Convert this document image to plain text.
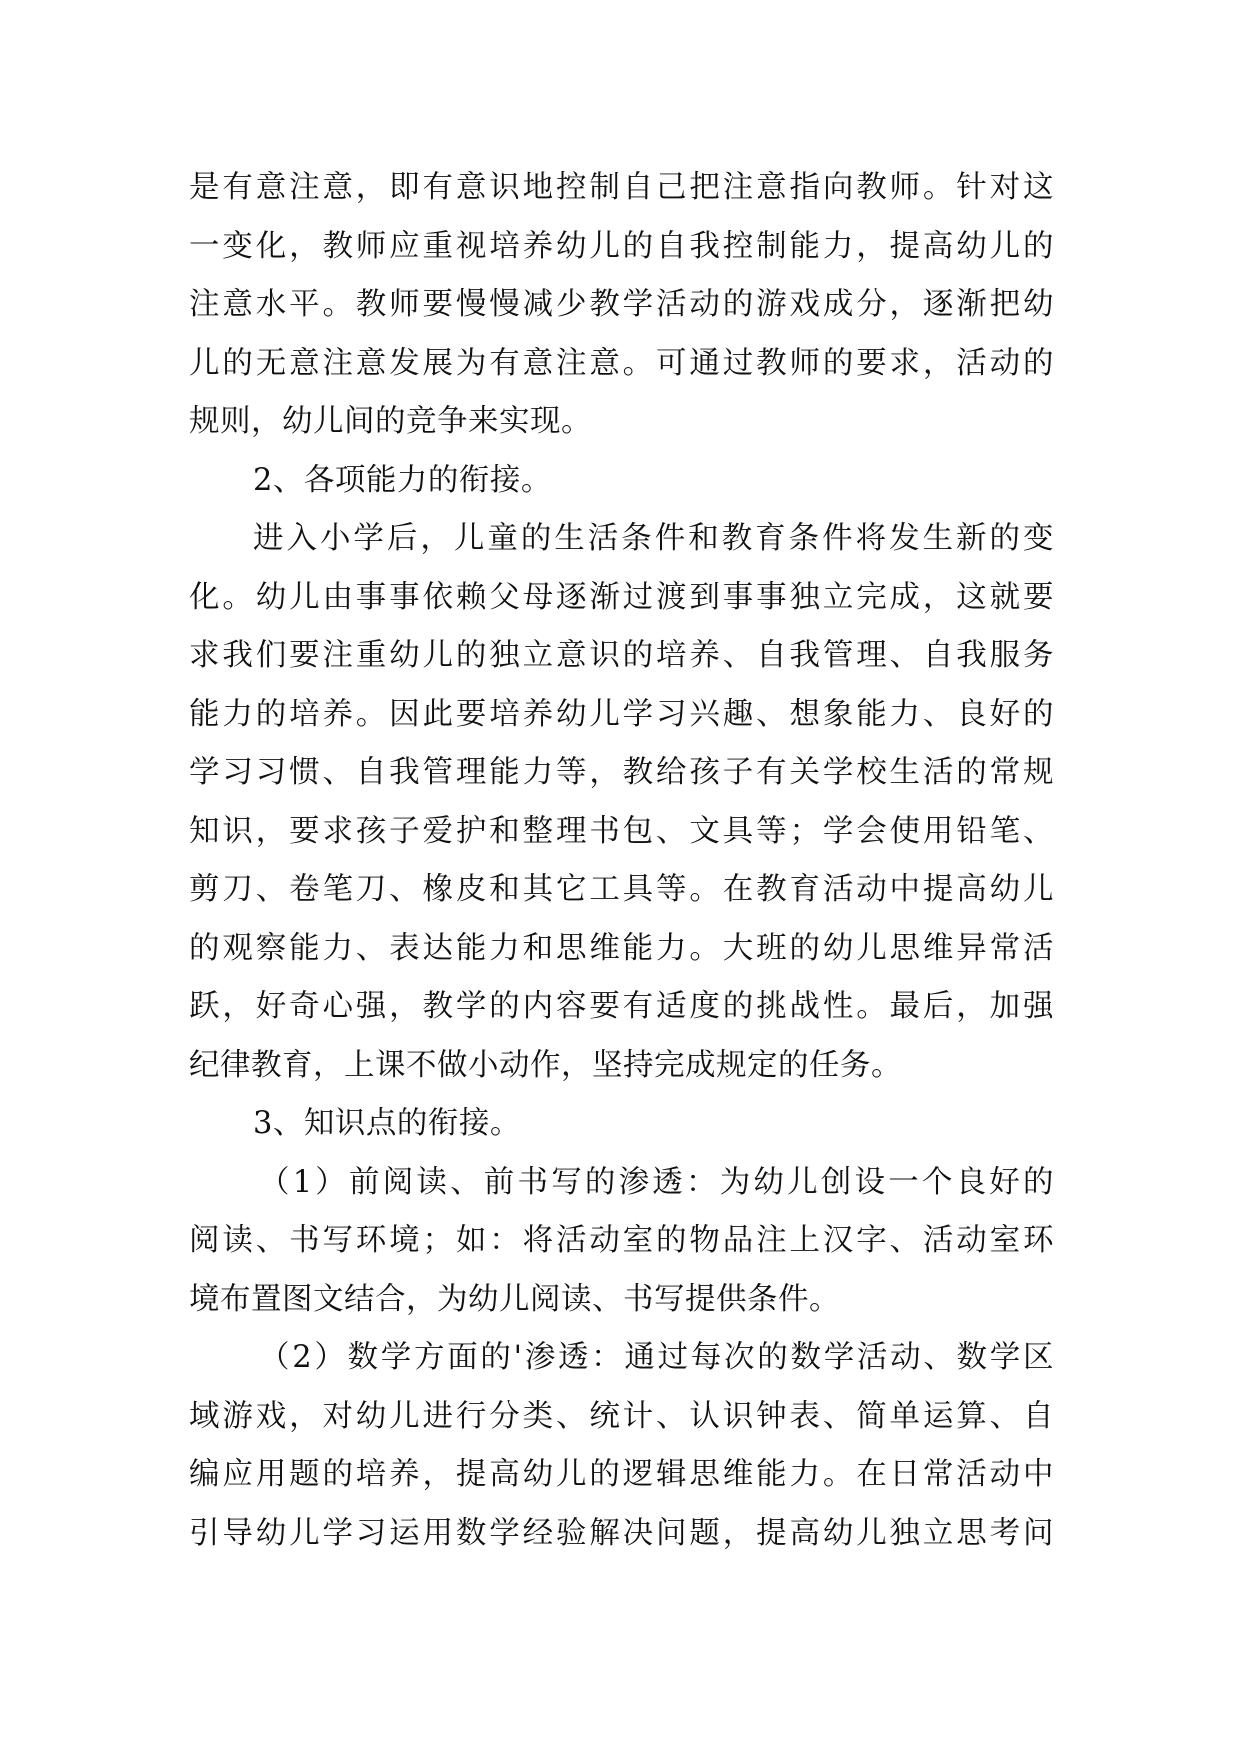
是有意注意，即有意识地控制自己把注意指向教师。针对这
一变化，教师应重视培养幼儿的自我控制能力，提高幼儿的
注意水平。教师要慢慢减少教学活动的游戏成分，逐渐把幼
儿的无意注意发展为有意注意。可通过教师的要求，活动的
规则，幼儿间的竞争来实现。
2、各项能力的衔接。
进入小学后，儿童的生活条件和教育条件将发生新的变
化。幼儿由事事依赖父母逐渐过渡到事事独立完成，这就要
求我们要注重幼儿的独立意识的培养、自我管理、自我服务
能力的培养。因此要培养幼儿学习兴趣、想象能力、良好的
学习习惯、自我管理能力等，教给孩子有关学校生活的常规
知识，要求孩子爱护和整理书包、文具等；学会使用铅笔、
剪刀、卷笔刀、橡皮和其它工具等。在教育活动中提高幼儿
的观察能力、表达能力和思维能力。大班的幼儿思维异常活
跃，好奇心强，教学的内容要有适度的挑战性。最后，加强
纪律教育，上课不做小动作，坚持完成规定的任务。
3、知识点的衔接。
（1）前阅读、前书写的渗透：为幼儿创设一个良好的
阅读、书写环境；如：将活动室的物品注上汉字、活动室环
境布置图文结合，为幼儿阅读、书写提供条件。
（2）数学方面的'渗透：通过每次的数学活动、数学区
域游戏，对幼儿进行分类、统计、认识钟表、简单运算、自
编应用题的培养，提高幼儿的逻辑思维能力。在日常活动中
引导幼儿学习运用数学经验解决问题，提高幼儿独立思考问
